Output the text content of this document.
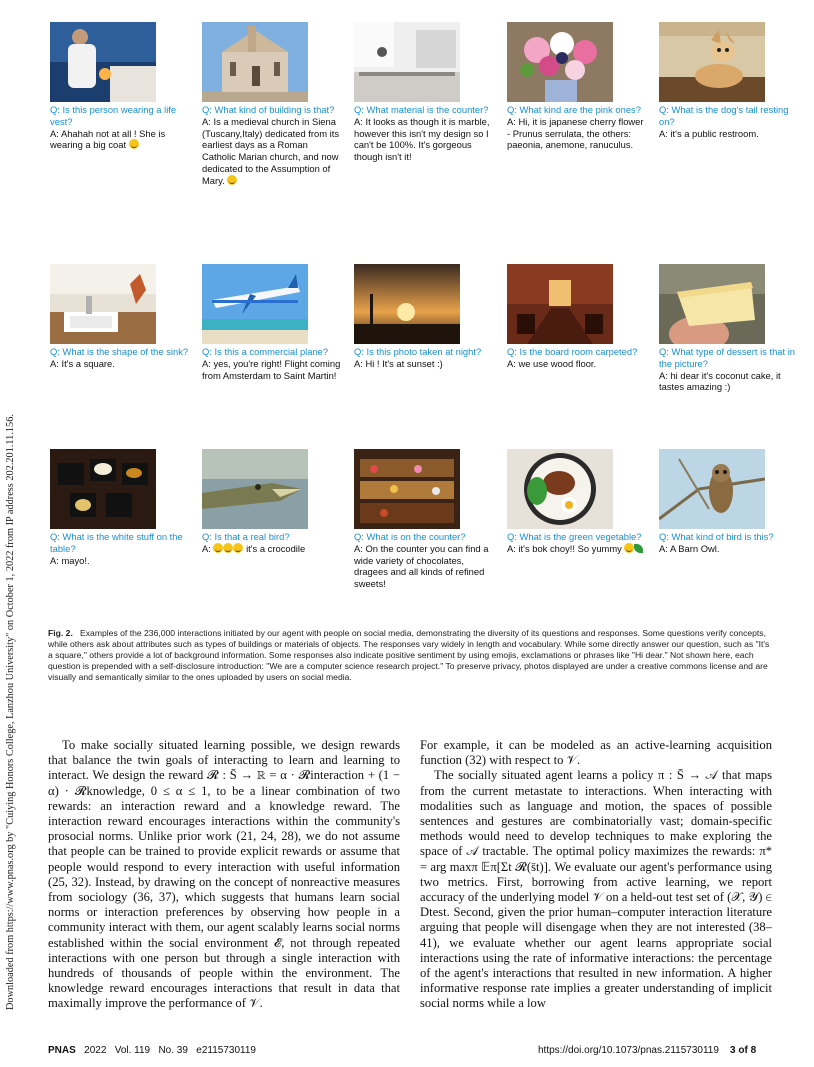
Downloaded from https://www.pnas.org by "Cuiying Honors College, Lanzhou University" on October 1, 2022 from IP address 202.201.11.156.
Q: Is this person wearing a life vest?
A: Ahahah not at all ! She is wearing a big coat
Q: What kind of building is that?
A: Is a medieval church in Siena (Tuscany,Italy) dedicated from its earliest days as a Roman Catholic Marian church, and now dedicated to the Assumption of Mary.
Q: What material is the counter?
A: It looks as though it is marble, however this isn't my design so I can't be 100%. It's gorgeous though isn't it!
Q: What kind are the pink ones?
A: Hi, it is japanese cherry flower - Prunus serrulata, the others: paeonia, anemone, ranuculus.
Q: What is the dog's tail resting on?
A: it's a public restroom.
Q: What is the shape of the sink?
A: It's a square.
Q: Is this a commercial plane?
A: yes, you're right! Flight coming from Amsterdam to Saint Martin!
Q: Is this photo taken at night?
A: Hi ! It's at sunset :)
Q: Is the board room carpeted?
A: we use wood floor.
Q: What type of dessert is that in the picture?
A: hi dear it's coconut cake, it tastes amazing :)
Q: What is the white stuff on the table?
A: mayo!.
Q: Is that a real bird?
A:	it's a crocodile
Q: What is on the counter?
A: On the counter you can find a wide variety of chocolates, dragees and all kinds of refined sweets!
Q: What is the green vegetable?
A: it's bok choy!! So yummy
Q: What kind of bird is this?
A: A Barn Owl.
Fig. 2. Examples of the 236,000 interactions initiated by our agent with people on social media, demonstrating the diversity of its questions and responses. Some questions verify concepts, while others ask about attributes such as types of buildings or materials of objects. The responses vary widely in length and vocabulary. While some directly answer our question, such as "It's a square," others provide a lot of background information. Some responses also indicate positive sentiment by using emojis, exclamations or phrases like "Hi dear." Not shown here, each question is prepended with a self-disclosure introduction: "We are a computer science research project." To preserve privacy, photos displayed are under a creative commons license and are visually and semantically similar to the ones uploaded by users on social media.

To make socially situated learning possible, we design rewards that balance the twin goals of interacting to learn and learning to interact. We design the reward 𝓡 : S̄ → ℝ = α · 𝓡interaction + (1 − α) · 𝓡knowledge, 0 ≤ α ≤ 1, to be a linear combination of two rewards: an interaction reward and a knowledge reward. The interaction reward encourages interactions within the community's prosocial norms. Unlike prior work (21, 24, 28), we do not assume that people can be trained to provide explicit rewards or assume that people would respond to every interaction with useful information (25, 32). Instead, by drawing on the concept of nonreactive measures from sociology (36, 37), which suggests that humans learn social norms or interaction preferences by observing how people in a community interact with them, our agent scalably learns social norms established within the social environment 𝓔, not through repeated interactions with one person but through a single interaction with hundreds of thousands of people within the environment. The knowledge reward encourages interactions that result in data that maximally improve the performance of 𝒱.

For example, it can be modeled as an active-learning acquisition function (32) with respect to 𝒱.

The socially situated agent learns a policy π : S̄ → 𝒜 that maps from the current metastate to interactions. When interacting with modalities such as language and motion, the spaces of possible sentences and gestures are combinatorially vast; domain-specific methods would need to develop techniques to make exploring the space of 𝒜 tractable. The optimal policy maximizes the rewards: π* = arg maxπ 𝔼π[Σt 𝓡(s̄t)]. We evaluate our agent's performance using two metrics. First, borrowing from active learning, we report accuracy of the underlying model 𝒱 on a held-out test set of (𝒳, 𝒴) ∈ Dtest. Second, given the prior human–computer interaction literature arguing that people will disengage when they are not interested (38–41), we evaluate whether our agent learns appropriate social interactions using the rate of informative interactions: the percentage of the agent's interactions that resulted in new information. A higher informative response rate implies a greater understanding of implicit social norms while a low

PNAS 2022   Vol. 119   No. 39   e2115730119	https://doi.org/10.1073/pnas.2115730119 3 of 8
